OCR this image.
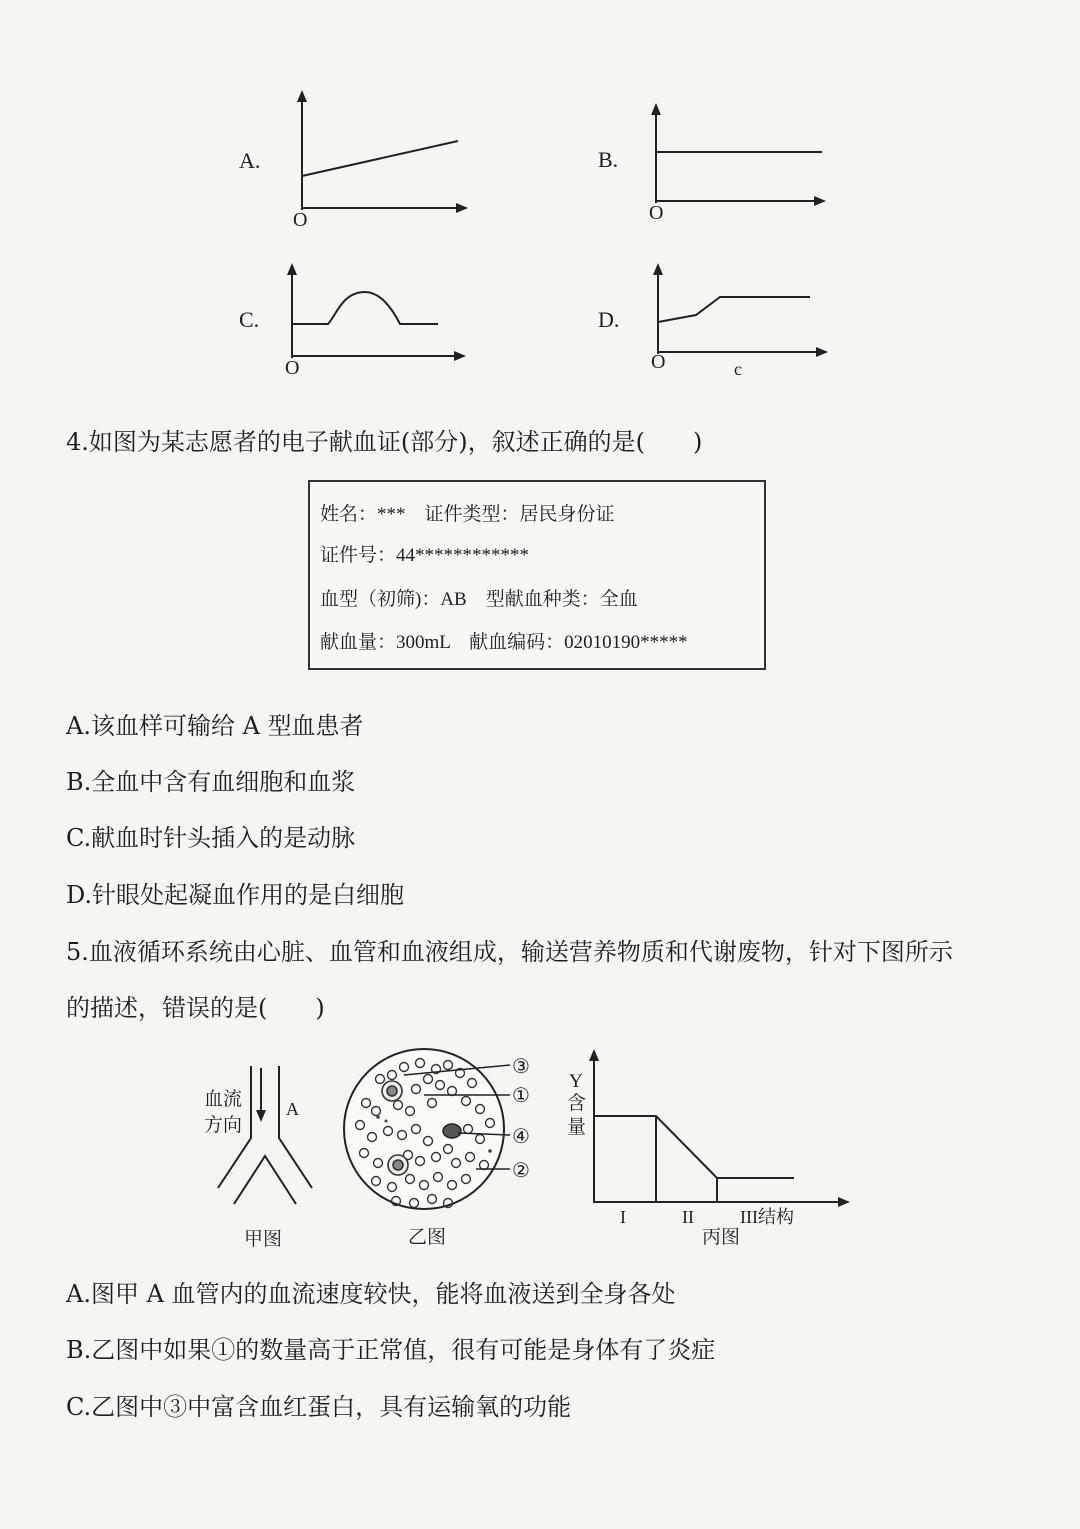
A.
O
B.
O
C.
O
D.
O	c
4.如图为某志愿者的电子献血证(部分)，叙述正确的是(　　)
姓名：***　证件类型：居民身份证
证件号：44************
血型（初筛)：AB　型献血种类：全血
献血量：300mL　献血编码：02010190*****
A.该血样可输给 A 型血患者
B.全血中含有血细胞和血浆
C.献血时针头插入的是动脉
D.针眼处起凝血作用的是白细胞
5.血液循环系统由心脏、血管和血液组成，输送营养物质和代谢废物，针对下图所示
的描述，错误的是(　　)
血流
方向
A
甲图
③
①
④
②
乙图
Y
含
量
I	II	III结构
丙图
A.图甲 A 血管内的血流速度较快，能将血液送到全身各处
B.乙图中如果①的数量高于正常值，很有可能是身体有了炎症
C.乙图中③中富含血红蛋白，具有运输氧的功能
